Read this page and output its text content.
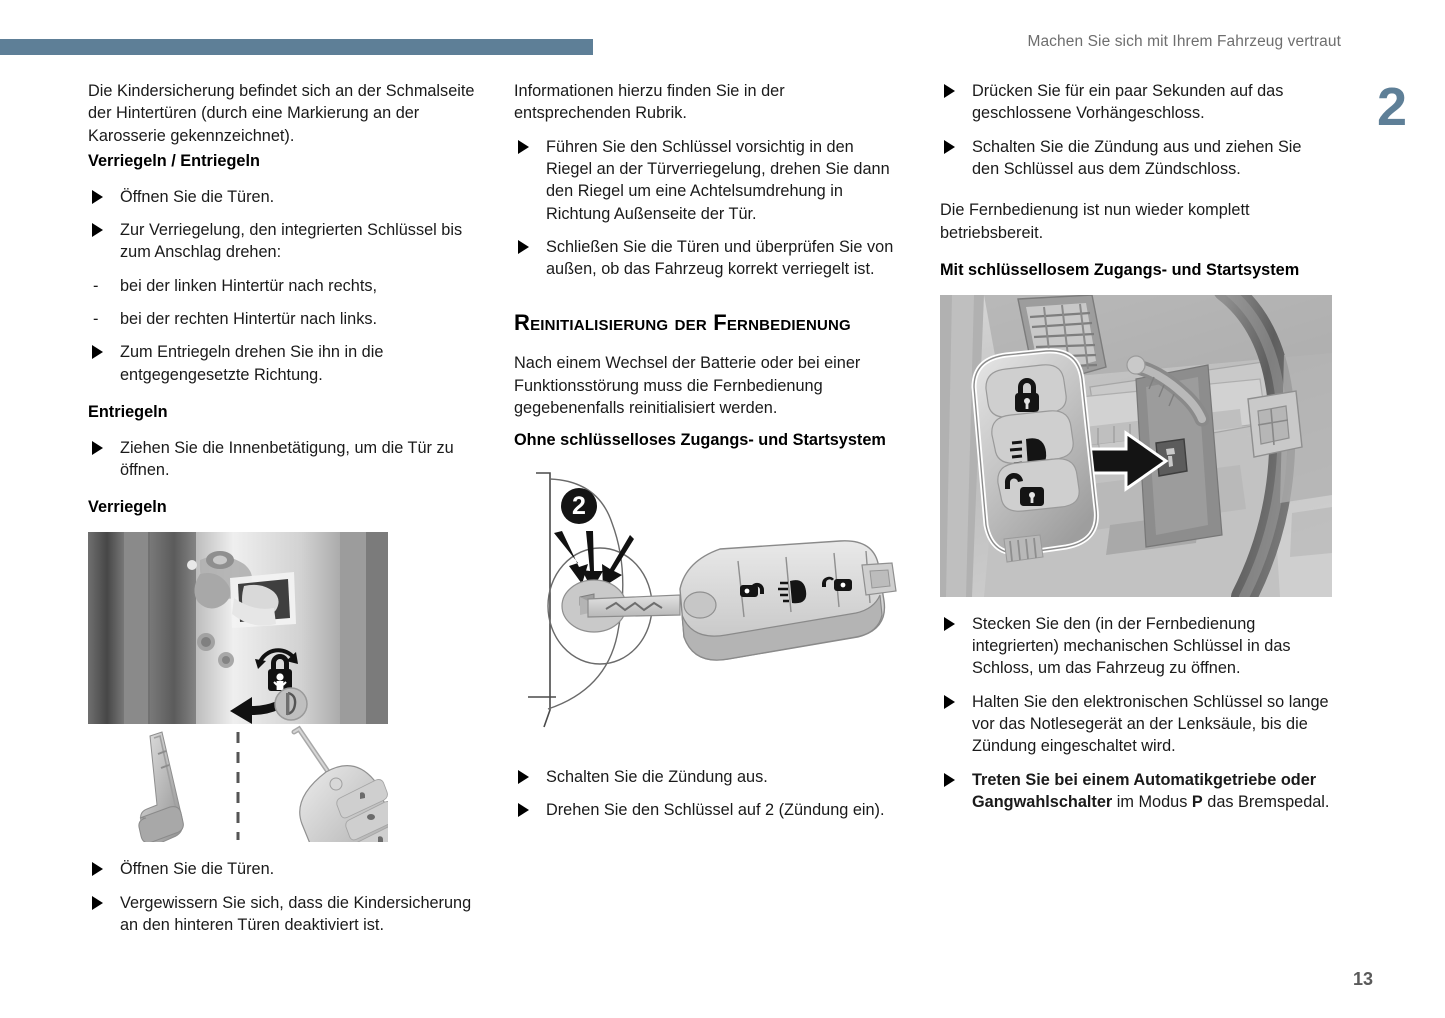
Machen Sie sich mit Ihrem Fahrzeug vertraut
2
13

Die Kindersicherung befindet sich an der Schmalseite der Hintertüren (durch eine Markierung an der Karosserie gekennzeichnet).

Verriegeln / Entriegeln
Öffnen Sie die Türen.
Zur Verriegelung, den integrierten Schlüssel bis zum Anschlag drehen:
- bei der linken Hintertür nach rechts,
- bei der rechten Hintertür nach links.
Zum Entriegeln drehen Sie ihn in die entgegengesetzte Richtung.
Entriegeln
Ziehen Sie die Innenbetätigung, um die Tür zu öffnen.
Verriegeln
Öffnen Sie die Türen.
Vergewissern Sie sich, dass die Kindersicherung an den hinteren Türen deaktiviert ist.

Informationen hierzu finden Sie in der entsprechenden Rubrik.

Führen Sie den Schlüssel vorsichtig in den Riegel an der Türverriegelung, drehen Sie dann den Riegel um eine Achtelsumdrehung in Richtung Außenseite der Tür.
Schließen Sie die Türen und überprüfen Sie von außen, ob das Fahrzeug korrekt verriegelt ist.
Reinitialisierung der Fernbedienung

Nach einem Wechsel der Batterie oder bei einer Funktionsstörung muss die Fernbedienung gegebenenfalls reinitialisiert werden.

Ohne schlüsselloses Zugangs- und Startsystem
2
Schalten Sie die Zündung aus.
Drehen Sie den Schlüssel auf 2 (Zündung ein).
Drücken Sie für ein paar Sekunden auf das geschlossene Vorhängeschloss.
Schalten Sie die Zündung aus und ziehen Sie den Schlüssel aus dem Zündschloss.

Die Fernbedienung ist nun wieder komplett betriebsbereit.

Mit schlüssellosem Zugangs- und Startsystem
Stecken Sie den (in der Fernbedienung integrierten) mechanischen Schlüssel in das Schloss, um das Fahrzeug zu öffnen.
Halten Sie den elektronischen Schlüssel so lange vor das Notlesegerät an der Lenksäule, bis die Zündung eingeschaltet wird.
Treten Sie bei einem Automatikgetriebe oder Gangwahlschalter im Modus P das Bremspedal.
